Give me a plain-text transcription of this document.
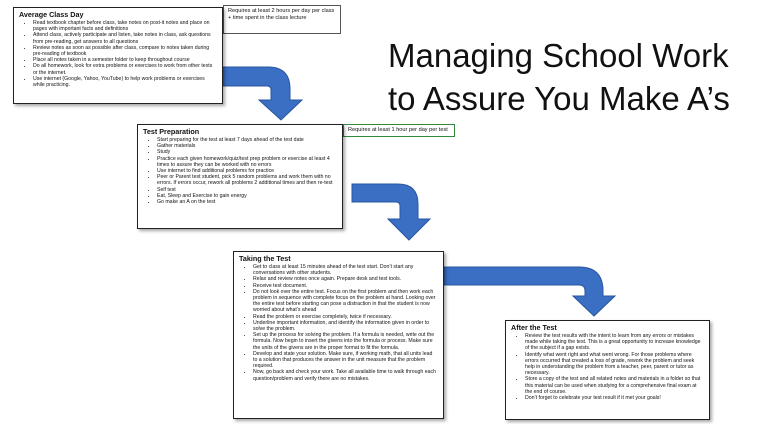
Managing School Work
to Assure You Make A’s
Requires at least 2 hours per day per class + time spent in the class lecture
Requires at least 1 hour per day per test
Average Class Day
• Read textbook chapter before class, take notes on post-it notes and place on pages with important facts and definitions
• Attend class, actively participate and listen, take notes in class, ask questions from pre-reading, get answers to all questions
• Review notes as soon as possible after class, compare to notes taken during pre-reading of textbook
• Place all notes taken in a semester folder to keep throughout course
• Do all homework, look for extra problems or exercises to work from other texts or the internet.
• Use internet (Google, Yahoo, YouTube) to help work problems or exercises while practicing.
Test Preparation
• Start preparing for the test at least 7 days ahead of the test date
• Gather materials
• Study
• Practice each given homework/quiz/test prep problem or exercise at least 4 times to assure they can be worked with no errors
• Use internet to find additional problems for practice
• Peer or Parent test student, pick 5 random problems and work them with no errors. If errors occur, rework all problems 2 additional times and then re-test
• Self test
• Eat, Sleep and Exercise to gain energy
• Go make an A on the test
Taking the Test
• Get to class at least 15 minutes ahead of the test start. Don’t start any conversations with other students.
• Relax and review notes once again. Prepare desk and test tools.
• Receive test document.
• Do not look over the entire test. Focus on the first problem and then work each problem in sequence with complete focus on the problem at hand. Looking over the entire test before starting can pose a distraction in that the student is now worried about what’s ahead
• Read the problem or exercise completely, twice if necessary.
• Underline important information, and identify the information given in order to solve the problem.
• Set up the process for solving the problem. If a formula is needed, write out the formula. Now begin to insert the givens into the formula or process. Make sure the units of the givens are in the proper format to fit the formula.
• Develop and state your solution. Make sure, if working math, that all units lead to a solution that produces the answer in the unit measure that the problem required.
• Now, go back and check your work. Take all available time to walk through each question/problem and verify there are no mistakes.
After the Test
• Review the test results with the intent to learn from any errors or mistakes made while taking the test. This is a great opportunity to increase knowledge of the subject if a gap exists.
• Identify what went right and what went wrong. For those problems where errors occurred that created a loss of grade, rework the problem and seek help in understanding the problem from a teacher, peer, parent or tutor as necessary.
• Store a copy of the test and all related notes and materials in a folder so that this material can be used when studying for a comprehensive final exam at the end of course.
• Don’t forget to celebrate your test result if it met your goals!
